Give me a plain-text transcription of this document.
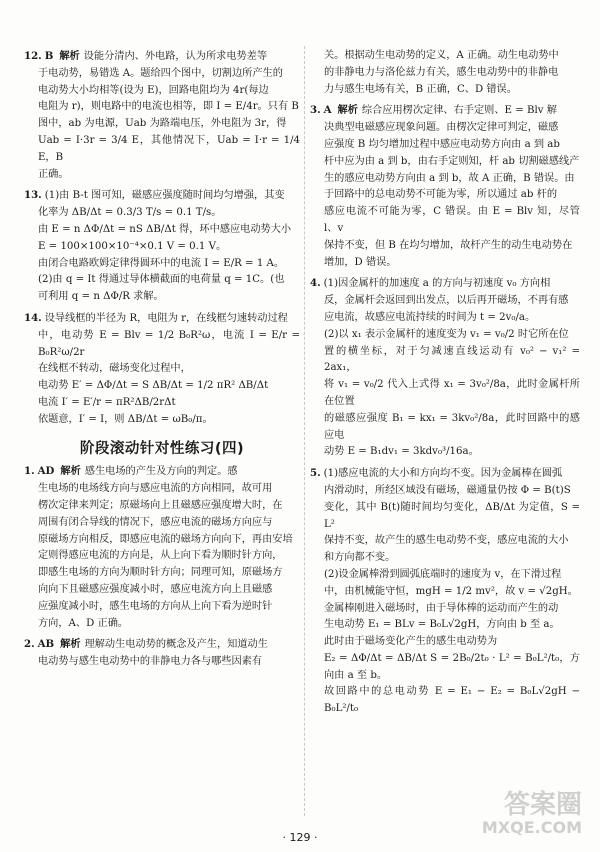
12. B 解析 设能分清内、外电路，认为所求电势差等
于电动势，易错选 A。题给四个图中，切割边所产生的
电动势大小均相等(设为 E)，回路电阻均为 4r(每边
电阻为 r)，则电路中的电流也相等，即 I = E/4r。只有 B
图中，ab 为电源，Uab 为路端电压，外电阻为 3r，得
Uab = I·3r = 3/4 E，其他情况下，Uab = I·r = 1/4 E，B
正确。
13. (1)由 B-t 图可知，磁感应强度随时间均匀增强，其变
化率为 ΔB/Δt = 0.3/3 T/s = 0.1 T/s。
由 E = n ΔΦ/Δt = nS ΔB/Δt 得，环中感应电动势大小
E = 100×100×10⁻⁴×0.1 V = 0.1 V。
由闭合电路欧姆定律得圆环中的电流 I = E/R = 1 A。
(2)由 q = It 得通过导体横截面的电荷量 q = 1C。(也
可利用 q = n ΔΦ/R 求解。
14. 设导线框的半径为 R，电阻为 r，在线框匀速转动过程
中，电动势 E = Blv = 1/2 B₀R²ω，电流 I = E/r = B₀R²ω/2r
在线框不转动，磁场变化过程中，
电动势 E′ = ΔΦ/Δt = S ΔB/Δt = 1/2 πR² ΔB/Δt
电流 I′ = E′/r = πR²ΔB/2rΔt
依题意，I′ = I，则 ΔB/Δt = ωB₀/π。
阶段滚动针对性练习(四)
1. AD 解析 感生电场的产生及方向的判定。感
生电场的电场线方向与感应电流的方向相同，故可用
楞次定律来判定；原磁场向上且磁感应强度增大时，在
周围有闭合导线的情况下，感应电流的磁场方向应与
原磁场方向相反，即感应电流的磁场方向向下，再由安培
定则得感应电流的方向是，从上向下看为顺时针方向，
即感生电场的方向为顺时针方向；同理可知，原磁场方
向向下且磁感应强度减小时，感应电流方向上且磁感
应强度减小时，感生电场的方向从上向下看为逆时针
方向，A、D 正确。
2. AB 解析 理解动生电动势的概念及产生，知道动生
电动势与感生电动势中的非静电力各与哪些因素有
关。根据动生电动势的定义，A 正确。动生电动势中
的非静电力与洛伦兹力有关，感生电动势中的非静电
力与感生电场有关，B 正确，C、D 错误。
3. A 解析 综合应用楞次定律、右手定则、E = Blv 解
决典型电磁感应现象问题。由楞次定律可判定，磁感
应强度 B 均匀增加过程中感应电动势方向由 a 到 ab
杆中应为由 a 到 b，由右手定则知，杆 ab 切割磁感线产
生的感应电动势方向由 a 到 b，故 A 正确，B 错误。由
于回路中的总电动势不可能为零，所以通过 ab 杆的
感应电流不可能为零，C 错误。由 E = Blv 知，尽管 l、v
保持不变，但 B 在均匀增加，故杆产生的动生电动势在
增加，D 错误。
4. (1)因金属杆的加速度 a 的方向与初速度 v₀ 方向相
反，金属杆会返回到出发点，以后再开磁场，不再有感
应电流，故感应电流持续的时间为 t = 2v₀/a。
(2)以 x₁ 表示金属杆的速度变为 v₁ = v₀/2 时它所在位
置的横坐标，对于匀减速直线运动有 v₀² − v₁² = 2ax₁，
将 v₁ = v₀/2 代入上式得 x₁ = 3v₀²/8a，此时金属杆所在位置
的磁感应强度 B₁ = kx₁ = 3kv₀²/8a，此时回路中的感应电
动势 E = B₁dv₁ = 3kdv₀³/16a。
5. (1)感应电流的大小和方向均不变。因为金属棒在圆弧
内滑动时，所经区域没有磁场，磁通量仍按 Φ = B(t)S
变化，其中 B(t)随时间均匀变化，ΔB/Δt 为定值，S = L²
保持不变，故产生的感生电动势不变，感应电流的大小
和方向都不变。
(2)设金属棒滑到圆弧底端时的速度为 v，在下滑过程
中，由机械能守恒，mgH = 1/2 mv²，故 v = √2gH。
金属棒刚进入磁场时，由于导体棒的运动而产生的动
生电动势 E₁ = BLv = B₀L√2gH，方向由 b 至 a。
此时由于磁场变化产生的感生电动势为
E₂ = ΔΦ/Δt = ΔB/Δt S = 2B₀/2t₀ · L² = B₀L²/t₀，方向由 a 至 b。
故回路中的总电动势 E = E₁ − E₂ = B₀L√2gH − B₀L²/t₀
· 129 ·
答案圈
MXQE.COM
